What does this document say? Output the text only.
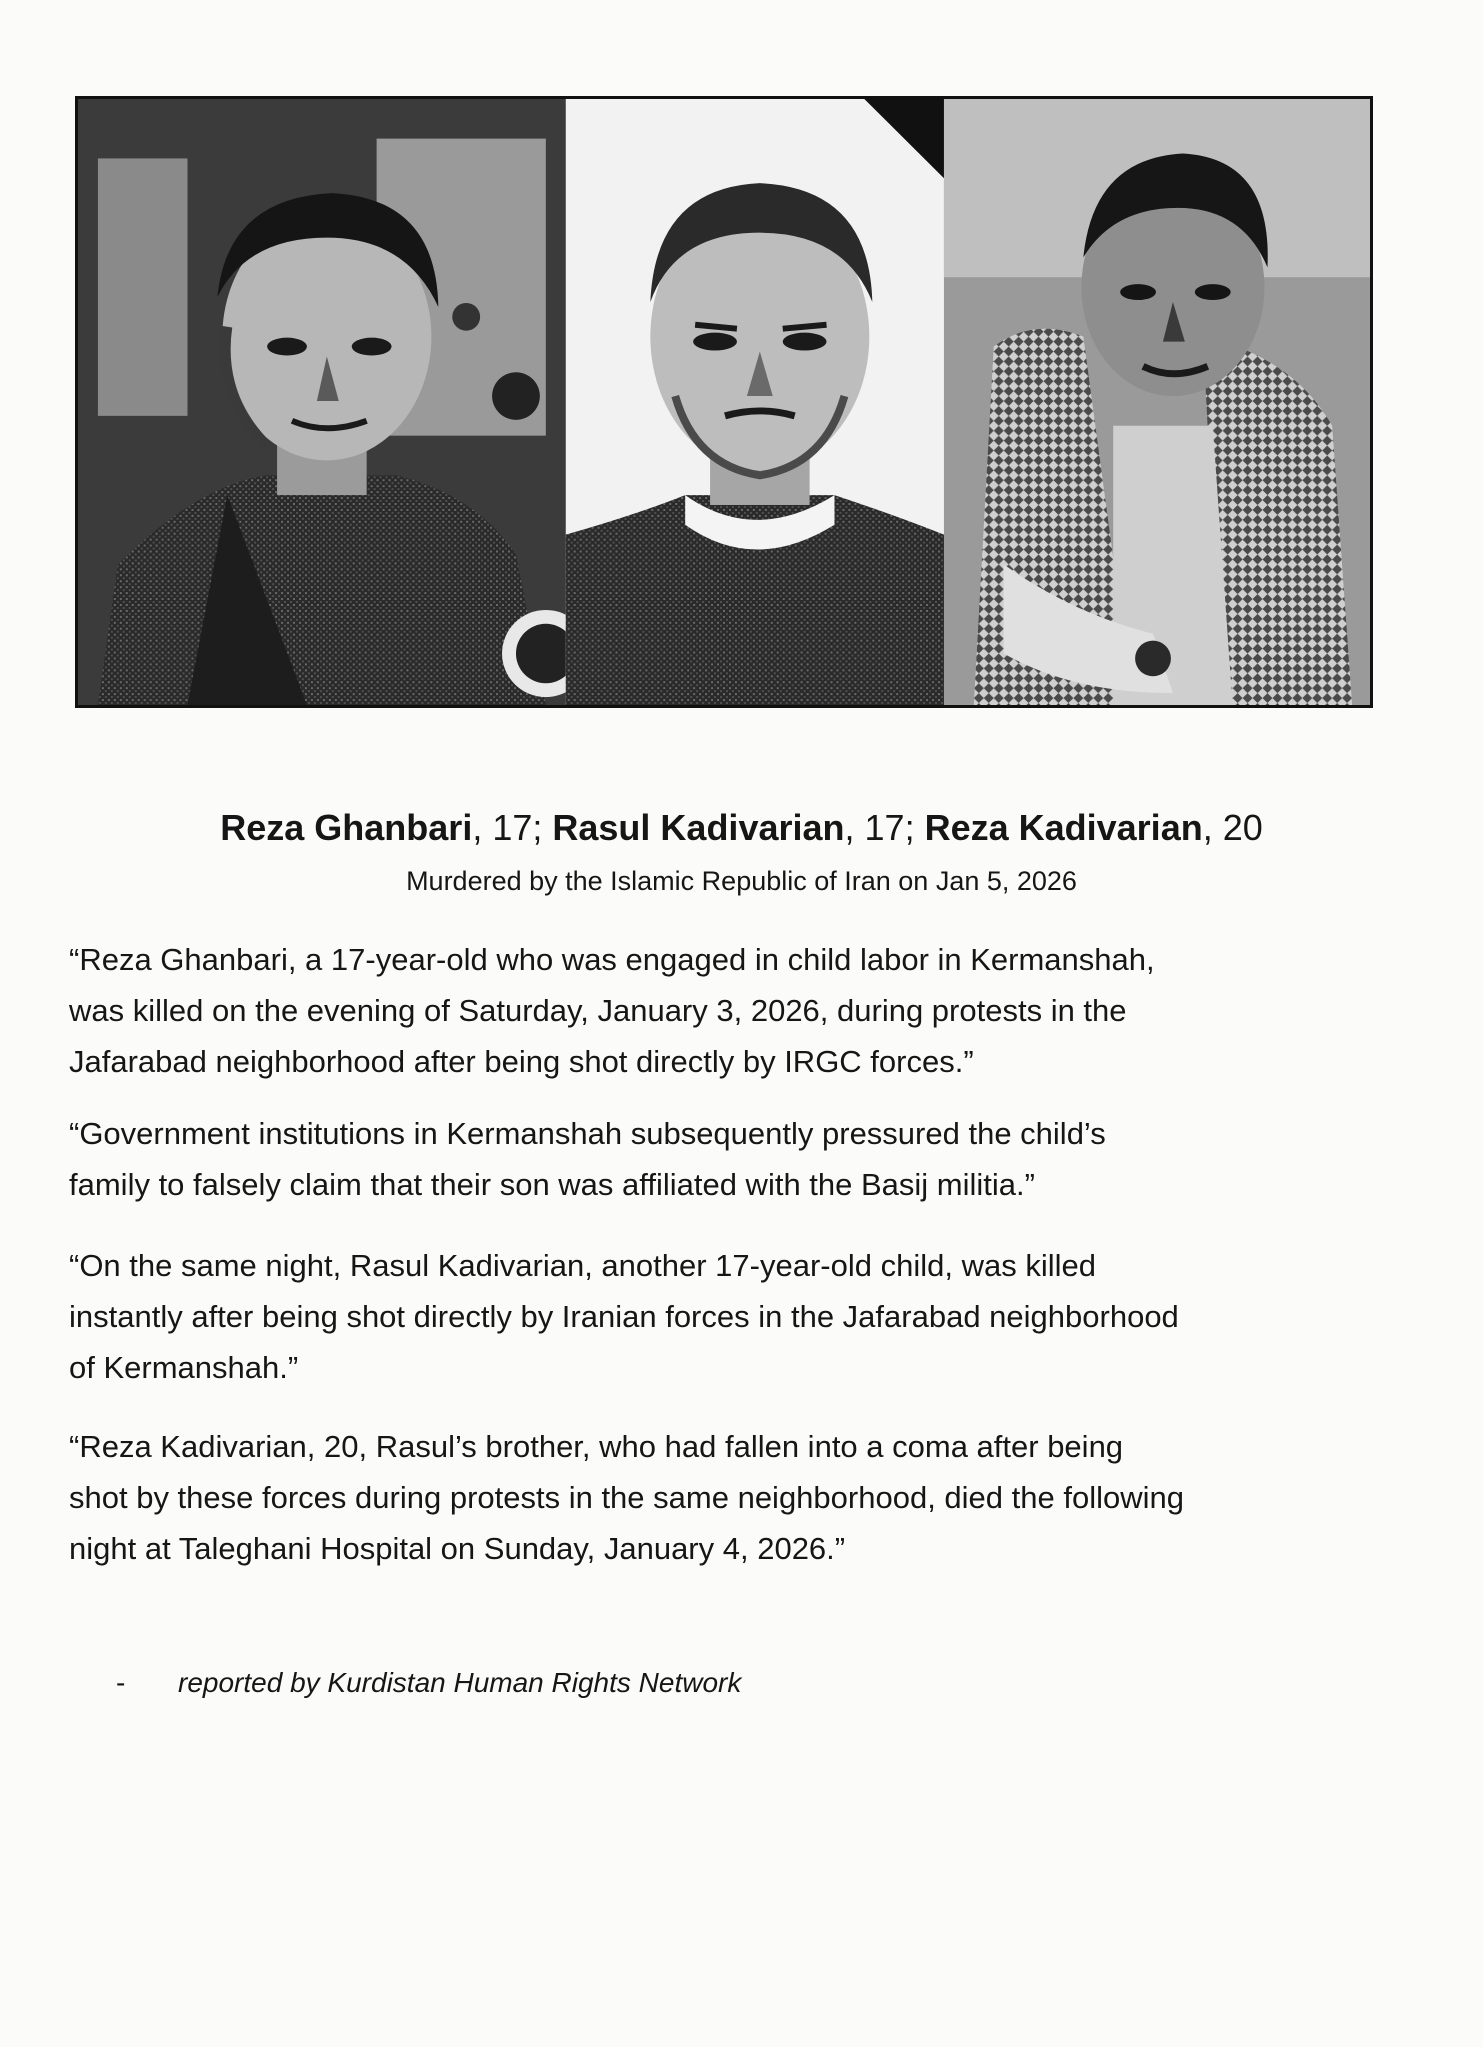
Reza Ghanbari, 17; Rasul Kadivarian, 17; Reza Kadivarian, 20
Murdered by the Islamic Republic of Iran on Jan 5, 2026

“Reza Ghanbari, a 17-year-old who was engaged in child labor in Kermanshah,
was killed on the evening of Saturday, January 3, 2026, during protests in the
Jafarabad neighborhood after being shot directly by IRGC forces.”

“Government institutions in Kermanshah subsequently pressured the child’s
family to falsely claim that their son was affiliated with the Basij militia.”

“On the same night, Rasul Kadivarian, another 17-year-old child, was killed
instantly after being shot directly by Iranian forces in the Jafarabad neighborhood
of Kermanshah.”

“Reza Kadivarian, 20, Rasul’s brother, who had fallen into a coma after being
shot by these forces during protests in the same neighborhood, died the following
night at Taleghani Hospital on Sunday, January 4, 2026.”

- reported by Kurdistan Human Rights Network
